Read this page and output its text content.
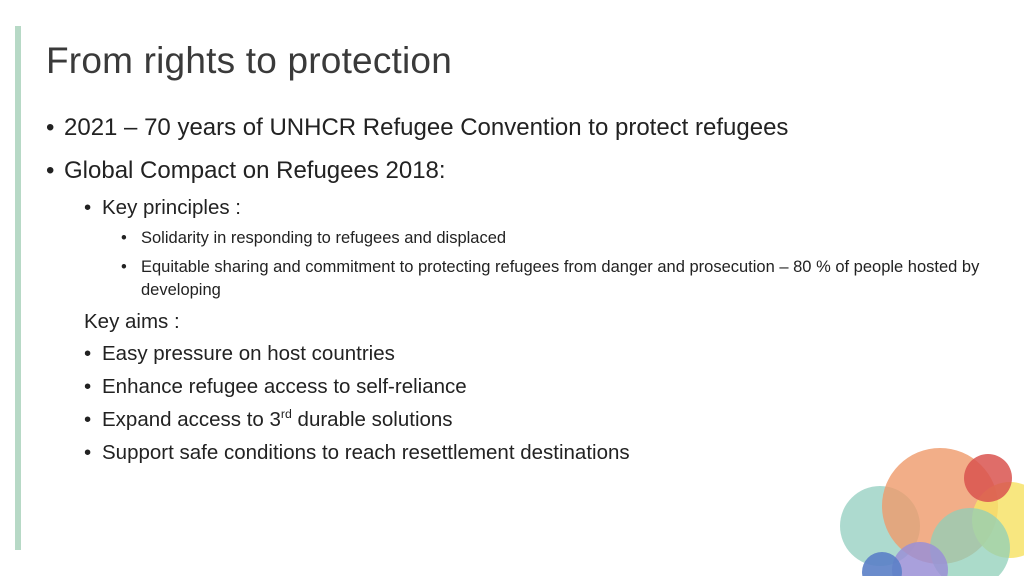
From rights to protection
• 2021 – 70 years of UNHCR Refugee Convention to protect refugees
• Global Compact on Refugees 2018:
• Key principles :
• Solidarity in responding to refugees and displaced
• Equitable sharing and commitment to protecting refugees from danger and prosecution – 80 % of people hosted by developing
Key aims :
• Easy pressure on host countries
• Enhance refugee access to self-reliance
• Expand access to 3rd durable solutions
• Support safe conditions to reach resettlement destinations
